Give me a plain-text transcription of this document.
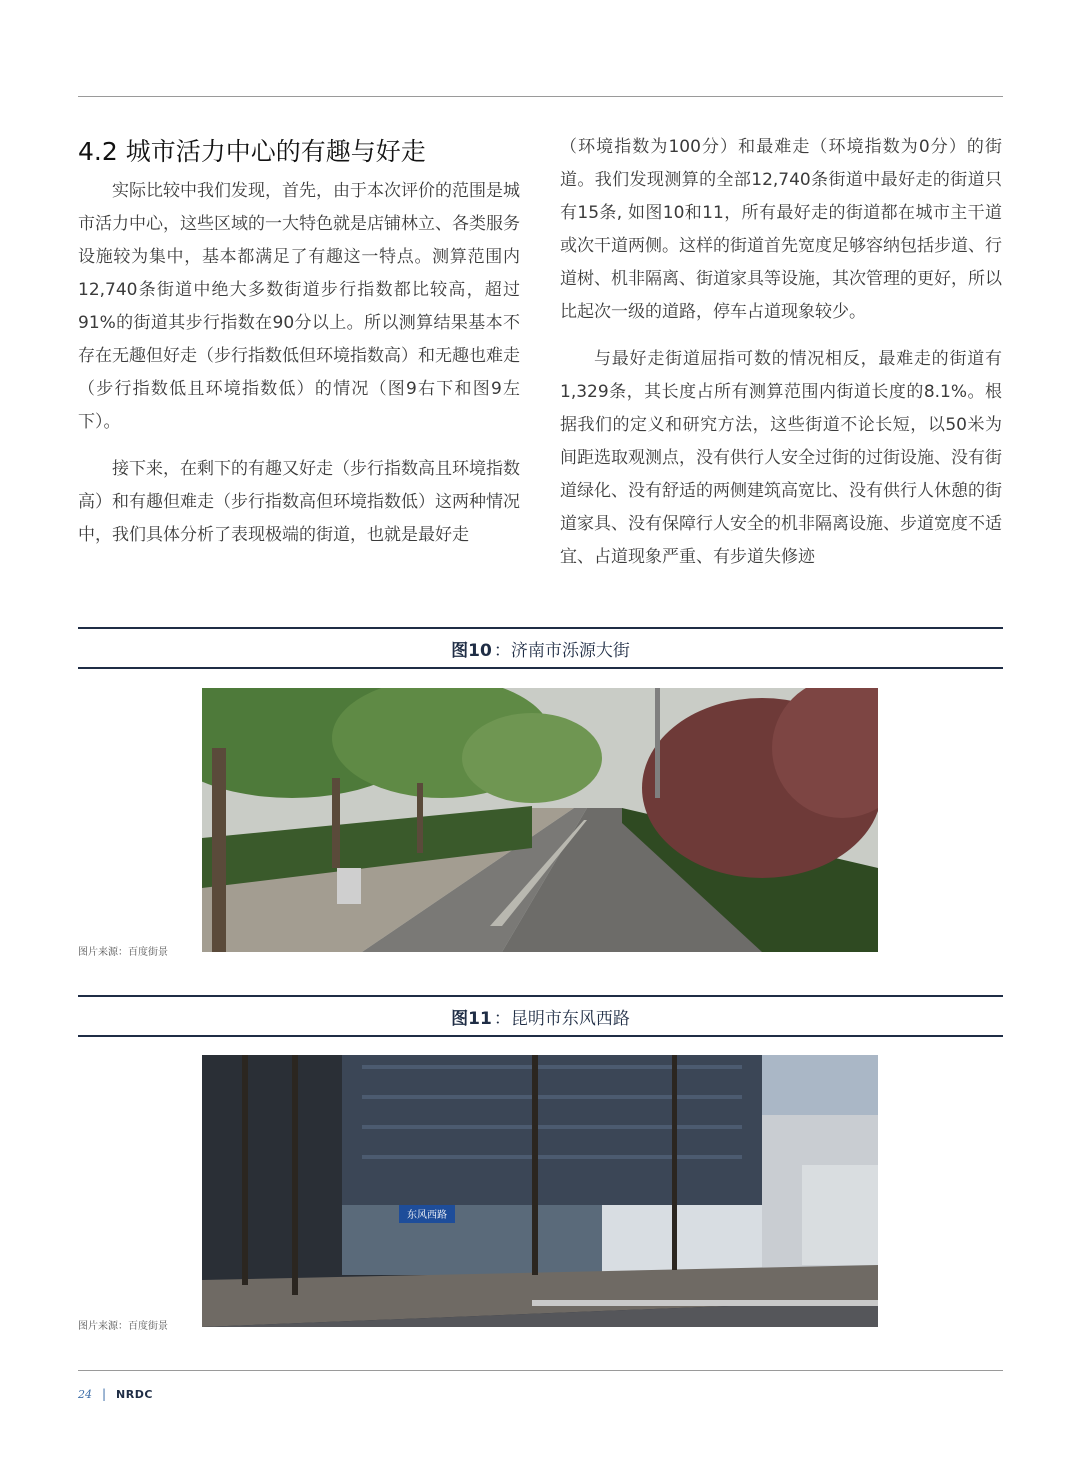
4.2 城市活力中心的有趣与好走

实际比较中我们发现，首先，由于本次评价的范围是城市活力中心，这些区域的一大特色就是店铺林立、各类服务设施较为集中，基本都满足了有趣这一特点。测算范围内12,740条街道中绝大多数街道步行指数都比较高，超过91%的街道其步行指数在90分以上。所以测算结果基本不存在无趣但好走（步行指数低但环境指数高）和无趣也难走（步行指数低且环境指数低）的情况（图9右下和图9左下）。

接下来，在剩下的有趣又好走（步行指数高且环境指数高）和有趣但难走（步行指数高但环境指数低）这两种情况中，我们具体分析了表现极端的街道，也就是最好走

（环境指数为100分）和最难走（环境指数为0分）的街道。我们发现测算的全部12,740条街道中最好走的街道只有15条, 如图10和11，所有最好走的街道都在城市主干道或次干道两侧。这样的街道首先宽度足够容纳包括步道、行道树、机非隔离、街道家具等设施，其次管理的更好，所以比起次一级的道路，停车占道现象较少。

与最好走街道屈指可数的情况相反，最难走的街道有1,329条，其长度占所有测算范围内街道长度的8.1%。根据我们的定义和研究方法，这些街道不论长短，以50米为间距选取观测点，没有供行人安全过街的过街设施、没有街道绿化、没有舒适的两侧建筑高宽比、没有供行人休憩的街道家具、没有保障行人安全的机非隔离设施、步道宽度不适宜、占道现象严重、有步道失修迹

图10 ：济南市泺源大街
图片来源：百度街景
图11 ：昆明市东风西路
东风西路
图片来源：百度街景
24 | NRDC
